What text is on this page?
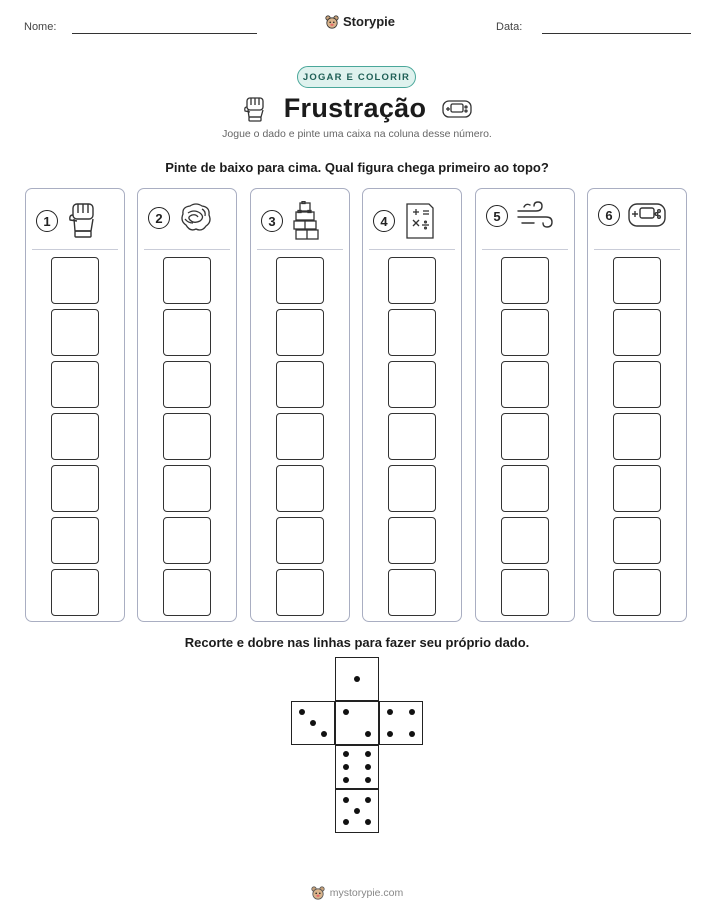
Nome:	Storypie	Data:
JOGAR E COLORIR
Frustração
Jogue o dado e pinte uma caixa na coluna desse número.
Pinte de baixo para cima. Qual figura chega primeiro ao topo?
1	2	3	4	5	6
Recorte e dobre nas linhas para fazer seu próprio dado.
mystorypie.com
